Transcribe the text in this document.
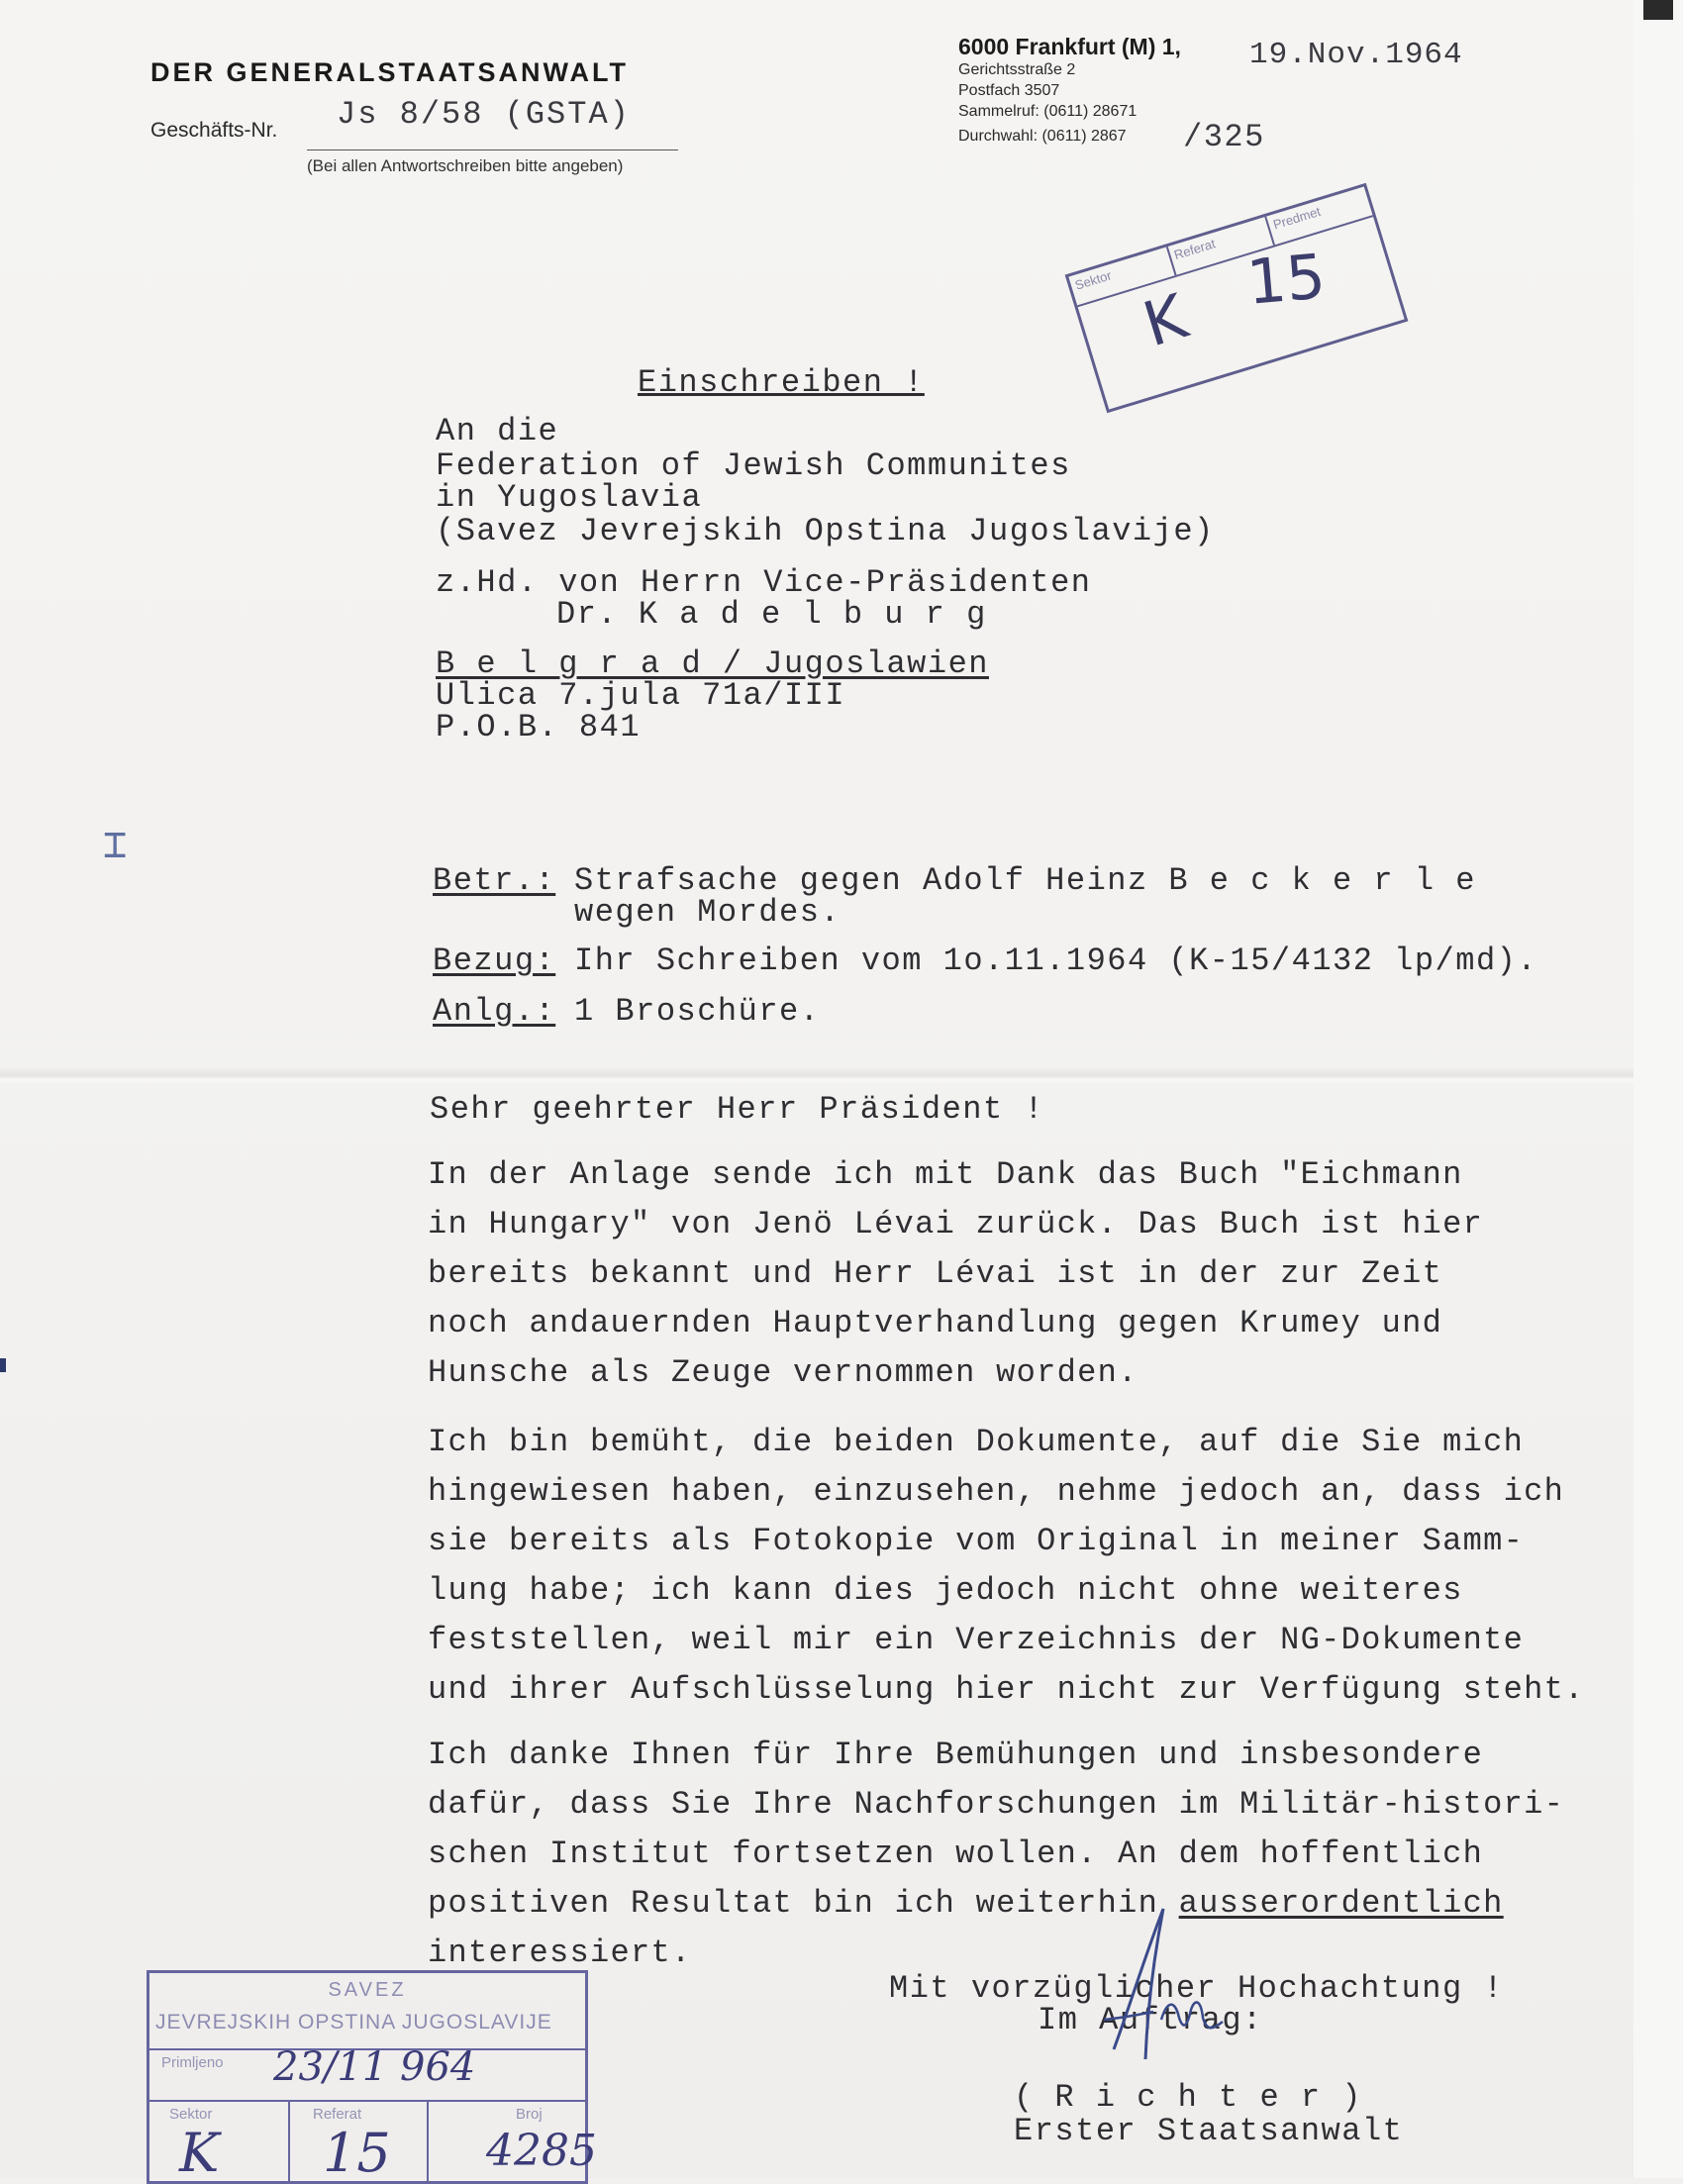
DER GENERALSTAATSANWALT
Geschäfts-Nr. Js 8/58 (GSTA)
(Bei allen Antwortschreiben bitte angeben)
6000 Frankfurt (M) 1,
Gerichtsstraße 2
Postfach 3507
Sammelruf: (0611) 28671
Durchwahl: (0611) 2867 /325
19.Nov.1964
Sektor
Referat
Predmet
K
15
Einschreiben !
An die
Federation of Jewish Communites
in Yugoslavia
(Savez Jevrejskih Opstina Jugoslavije)
z.Hd. von Herrn Vice-Präsidenten
Dr. K a d e l b u r g
B e l g r a d / Jugoslawien
Ulica 7.jula 71a/III
P.O.B. 841
⌶
Betr.: Strafsache gegen Adolf Heinz B e c k e r l e
wegen Mordes.
Bezug: Ihr Schreiben vom 1o.11.1964 (K-15/4132 lp/md).
Anlg.: 1 Broschüre.
Sehr geehrter Herr Präsident !
In der Anlage sende ich mit Dank das Buch "Eichmann
in Hungary" von Jenö Lévai zurück. Das Buch ist hier
bereits bekannt und Herr Lévai ist in der zur Zeit
noch andauernden Hauptverhandlung gegen Krumey und
Hunsche als Zeuge vernommen worden.
Ich bin bemüht, die beiden Dokumente, auf die Sie mich
hingewiesen haben, einzusehen, nehme jedoch an, dass ich
sie bereits als Fotokopie vom Original in meiner Samm-
lung habe; ich kann dies jedoch nicht ohne weiteres
feststellen, weil mir ein Verzeichnis der NG-Dokumente
und ihrer Aufschlüsselung hier nicht zur Verfügung steht.
Ich danke Ihnen für Ihre Bemühungen und insbesondere
dafür, dass Sie Ihre Nachforschungen im Militär-histori-
schen Institut fortsetzen wollen. An dem hoffentlich
positiven Resultat bin ich weiterhin ausserordentlich
interessiert.
Mit vorzüglicher Hochachtung !
Im Auftrag:
( R i c h t e r )
Erster Staatsanwalt
SAVEZ
JEVREJSKIH OPSTINA JUGOSLAVIJE
Primljeno 23/11 964
Sektor	Referat	Broj
K 15 4285
